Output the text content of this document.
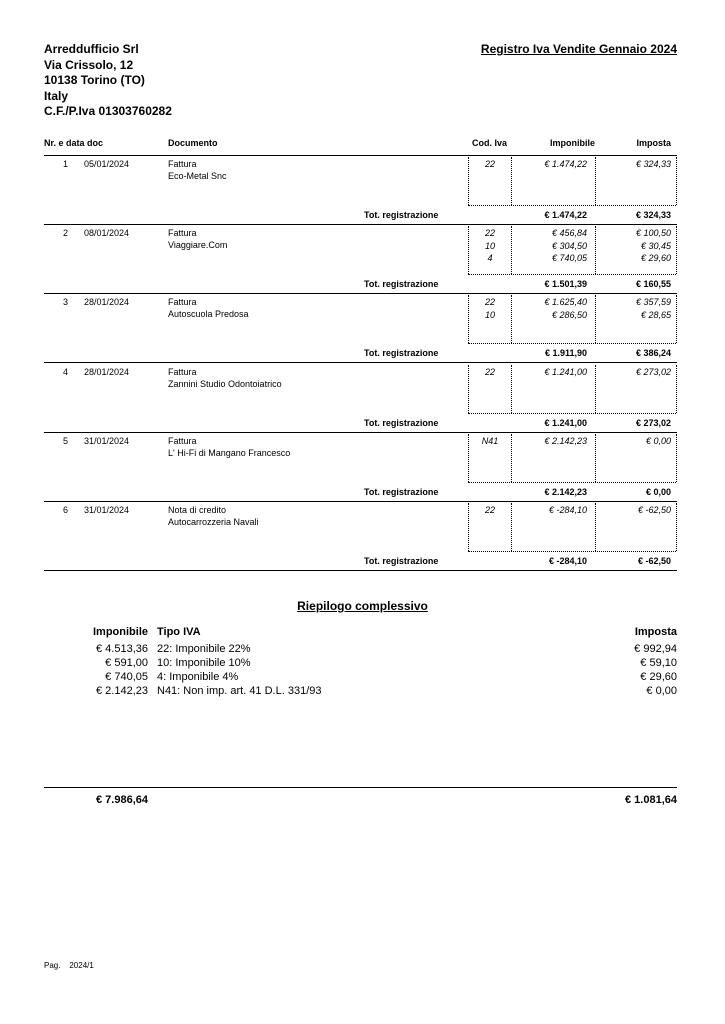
Arreddufficio Srl
Via Crissolo, 12
10138 Torino (TO)
Italy
C.F./P.Iva 01303760282
Registro Iva Vendite Gennaio 2024
Nr. e data doc	Documento	Cod. Iva	Imponibile	Imposta
1 05/01/2024	Fattura
Eco-Metal Snc
22	€ 1.474,22	€ 324,33
Tot. registrazione	€ 1.474,22	€ 324,33
2 08/01/2024	Fattura
Viaggiare.Com
22	€ 456,84	€ 100,50
10	€ 304,50	€ 30,45
4	€ 740,05	€ 29,60
Tot. registrazione	€ 1.501,39	€ 160,55
3 28/01/2024	Fattura
Autoscuola Predosa
22	€ 1.625,40	€ 357,59
10	€ 286,50	€ 28,65
Tot. registrazione	€ 1.911,90	€ 386,24
4 28/01/2024	Fattura
Zannini Studio Odontoiatrico
22	€ 1.241,00	€ 273,02
Tot. registrazione	€ 1.241,00	€ 273,02
5 31/01/2024	Fattura
L' Hi-Fi di Mangano Francesco
N41	€ 2.142,23	€ 0,00
Tot. registrazione	€ 2.142,23	€ 0,00
6 31/01/2024	Nota di credito
Autocarrozzeria Navali
22	€ -284,10	€ -62,50
Tot. registrazione	€ -284,10	€ -62,50
Riepilogo complessivo
Imponibile Tipo IVA	Imposta
€ 4.513,36 22: Imponibile 22%	€ 992,94
€ 591,00 10: Imponibile 10%	€ 59,10
€ 740,05 4: Imponibile 4%	€ 29,60
€ 2.142,23 N41: Non imp. art. 41 D.L. 331/93	€ 0,00
€ 7.986,64	€ 1.081,64
Pag. 2024/1
